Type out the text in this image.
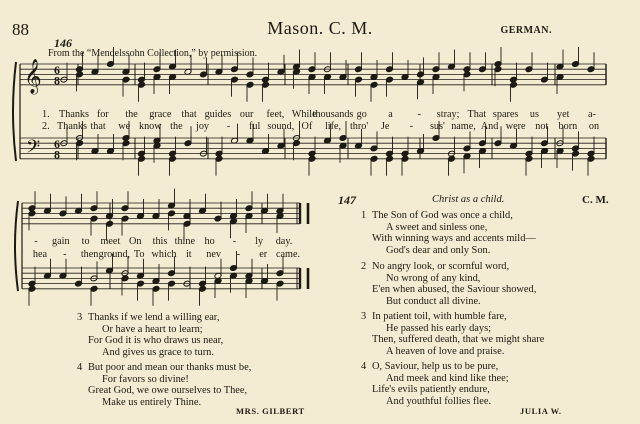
88	Mason. C. M.	GERMAN.
146
From the “Mendelssohn Collection,” by permission.
𝄞
𝄢
6
8
6
8
1.
2.
Thanks for the grace that guides our feet, While
thousands go a - stray; That spares us yet a-
Thanks that we know the joy - ful sound, Of life, thro' Je - sus' name, And were not born on
- gain to meet On this thine ho - ly day.
hea - then ground, To which it nev - er came.
3 Thanks if we lend a willing ear,
Or have a heart to learn;
For God it is who draws us near,
And gives us grace to turn.
4 But poor and mean our thanks must be,
For favors so divine!
Great God, we owe ourselves to Thee,
Make us entirely Thine.
MRS. GILBERT
147	Christ as a child.	C. M.
1 The Son of God was once a child,
A sweet and sinless one,
With winning ways and accents mild—
God's dear and only Son.
2 No angry look, or scornful word,
No wrong of any kind,
E'en when abused, the Saviour showed,
But conduct all divine.
3 In patient toil, with humble fare,
He passed his early days;
Then, suffered death, that we might share
A heaven of love and praise.
4 O, Saviour, help us to be pure,
And meek and kind like thee;
Life's evils patiently endure,
And youthful follies flee.
JULIA W.
